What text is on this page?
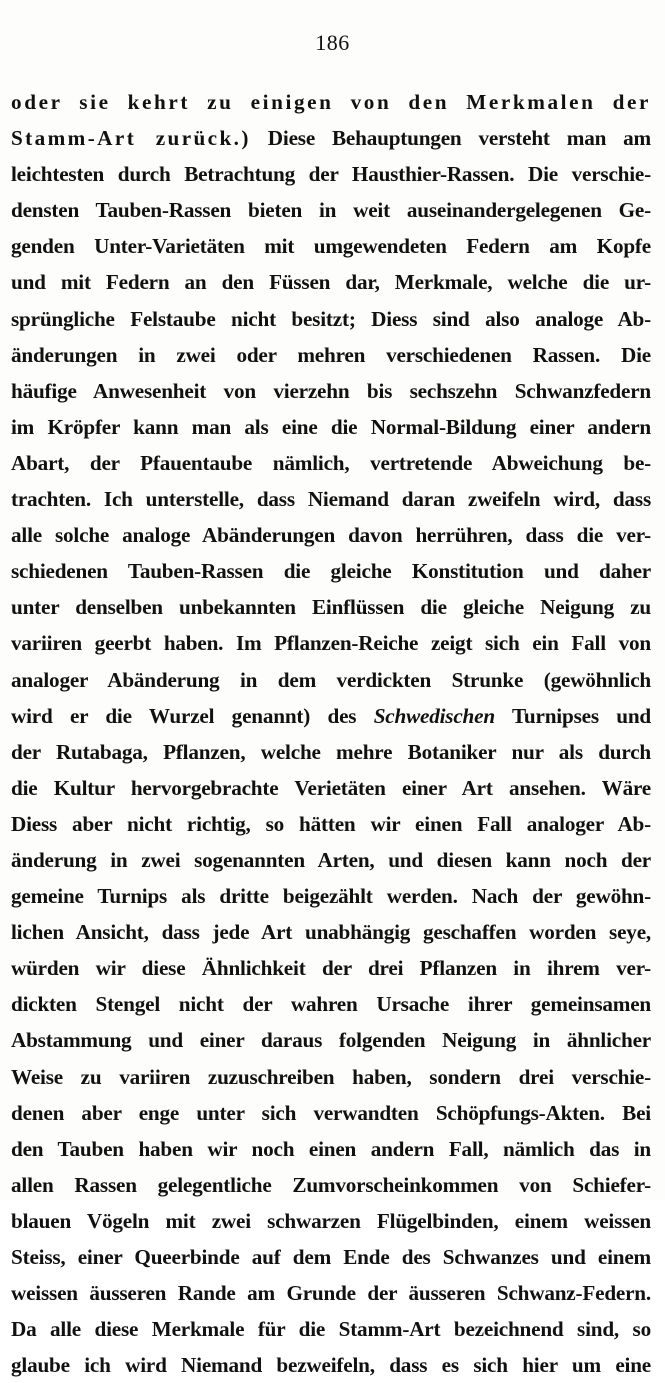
186
oder sie kehrt zu einigen von den Merkmalen der
Stamm-Art zurück.) Diese Behauptungen versteht man am
leichtesten durch Betrachtung der Hausthier-Rassen. Die verschie-
densten Tauben-Rassen bieten in weit auseinandergelegenen Ge-
genden Unter-Varietäten mit umgewendeten Federn am Kopfe
und mit Federn an den Füssen dar, Merkmale, welche die ur-
sprüngliche Felstaube nicht besitzt; Diess sind also analoge Ab-
änderungen in zwei oder mehren verschiedenen Rassen. Die
häufige Anwesenheit von vierzehn bis sechszehn Schwanzfedern
im Kröpfer kann man als eine die Normal-Bildung einer andern
Abart, der Pfauentaube nämlich, vertretende Abweichung be-
trachten. Ich unterstelle, dass Niemand daran zweifeln wird, dass
alle solche analoge Abänderungen davon herrühren, dass die ver-
schiedenen Tauben-Rassen die gleiche Konstitution und daher
unter denselben unbekannten Einflüssen die gleiche Neigung zu
variiren geerbt haben. Im Pflanzen-Reiche zeigt sich ein Fall von
analoger Abänderung in dem verdickten Strunke (gewöhnlich
wird er die Wurzel genannt) des Schwedischen Turnipses und
der Rutabaga, Pflanzen, welche mehre Botaniker nur als durch
die Kultur hervorgebrachte Verietäten einer Art ansehen. Wäre
Diess aber nicht richtig, so hätten wir einen Fall analoger Ab-
änderung in zwei sogenannten Arten, und diesen kann noch der
gemeine Turnips als dritte beigezählt werden. Nach der gewöhn-
lichen Ansicht, dass jede Art unabhängig geschaffen worden seye,
würden wir diese Ähnlichkeit der drei Pflanzen in ihrem ver-
dickten Stengel nicht der wahren Ursache ihrer gemeinsamen
Abstammung und einer daraus folgenden Neigung in ähnlicher
Weise zu variiren zuzuschreiben haben, sondern drei verschie-
denen aber enge unter sich verwandten Schöpfungs-Akten. Bei
den Tauben haben wir noch einen andern Fall, nämlich das in
allen Rassen gelegentliche Zumvorscheinkommen von Schiefer-
blauen Vögeln mit zwei schwarzen Flügelbinden, einem weissen
Steiss, einer Queerbinde auf dem Ende des Schwanzes und einem
weissen äusseren Rande am Grunde der äusseren Schwanz-Federn.
Da alle diese Merkmale für die Stamm-Art bezeichnend sind, so
glaube ich wird Niemand bezweifeln, dass es sich hier um eine
